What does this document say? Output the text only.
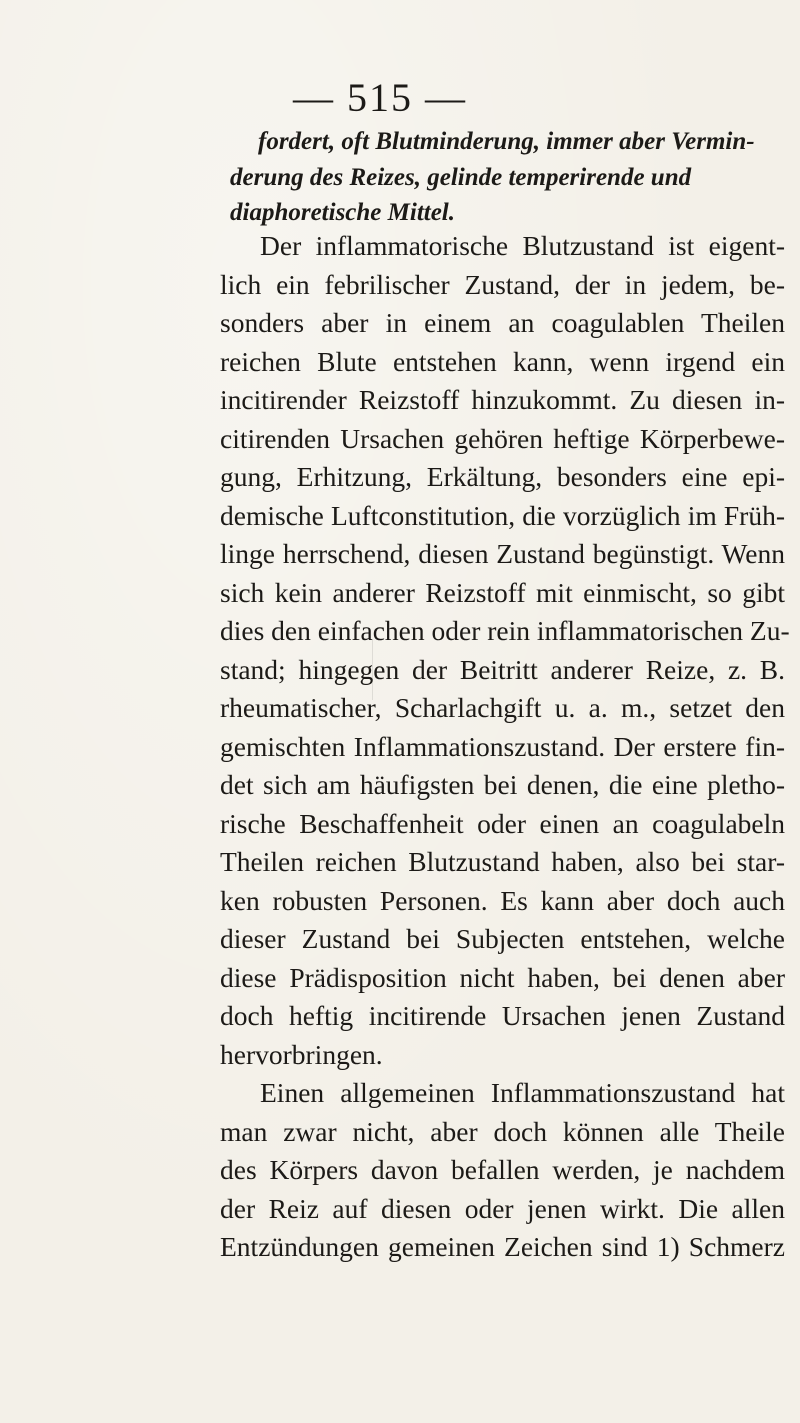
— 515 —
fordert, oft Blutminderung, immer aber Vermin-
derung des Reizes, gelinde temperirende und
diaphoretische Mittel.
Der inflammatorische Blutzustand ist eigent-
lich ein febrilischer Zustand, der in jedem, be-
sonders aber in einem an coagulablen Theilen
reichen Blute entstehen kann, wenn irgend ein
incitirender Reizstoff hinzukommt. Zu diesen in-
citirenden Ursachen gehören heftige Körperbewe-
gung, Erhitzung, Erkältung, besonders eine epi-
demische Luftconstitution, die vorzüglich im Früh-
linge herrschend, diesen Zustand begünstigt. Wenn
sich kein anderer Reizstoff mit einmischt, so gibt
dies den einfachen oder rein inflammatorischen Zu-
stand; hingegen der Beitritt anderer Reize, z. B.
rheumatischer, Scharlachgift u. a. m., setzet den
gemischten Inflammationszustand. Der erstere fin-
det sich am häufigsten bei denen, die eine pletho-
rische Beschaffenheit oder einen an coagulabeln
Theilen reichen Blutzustand haben, also bei star-
ken robusten Personen. Es kann aber doch auch
dieser Zustand bei Subjecten entstehen, welche
diese Prädisposition nicht haben, bei denen aber
doch heftig incitirende Ursachen jenen Zustand
hervorbringen.
Einen allgemeinen Inflammationszustand hat
man zwar nicht, aber doch können alle Theile
des Körpers davon befallen werden, je nachdem
der Reiz auf diesen oder jenen wirkt. Die allen
Entzündungen gemeinen Zeichen sind 1) Schmerz
